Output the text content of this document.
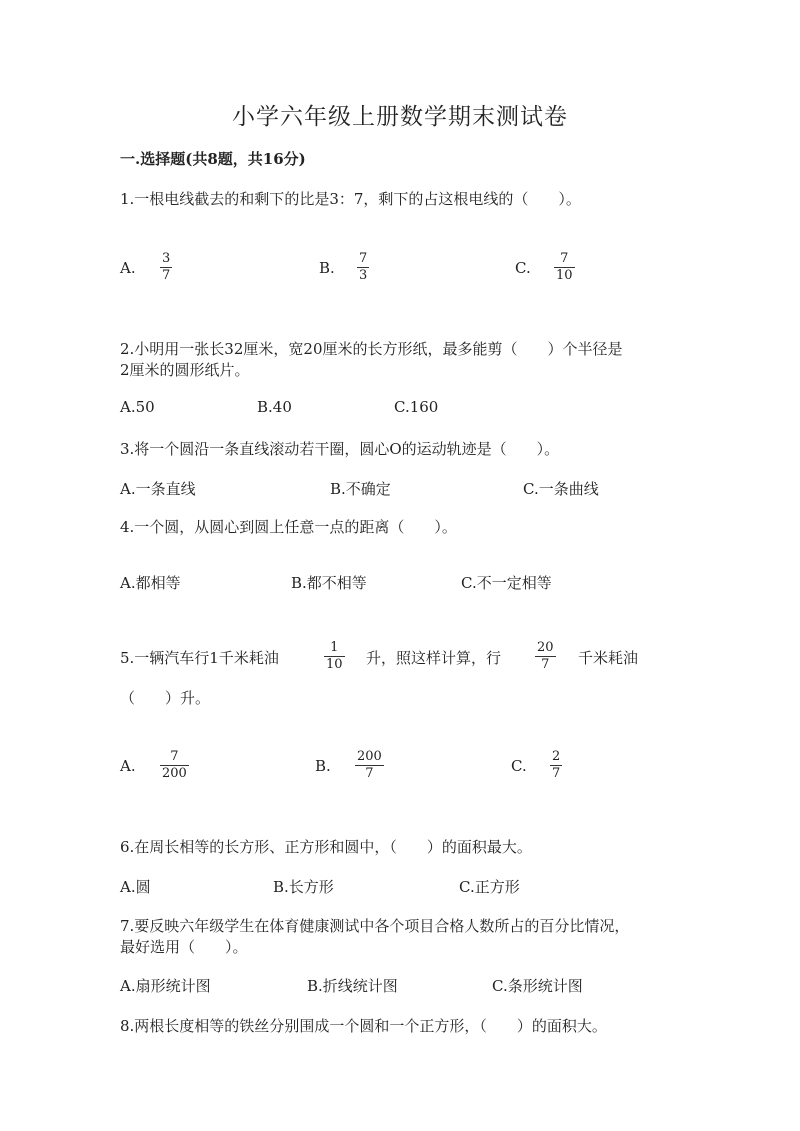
小学六年级上册数学期末测试卷
一.选择题(共8题，共16分)
1.一根电线截去的和剩下的比是3：7，剩下的占这根电线的（　　）。
A.
3
7	B.
7
3	C.
7
10
2.小明用一张长32厘米，宽20厘米的长方形纸，最多能剪（　　）个半径是
2厘米的圆形纸片。
A.50	B.40	C.160
3.将一个圆沿一条直线滚动若干圈，圆心O的运动轨迹是（　　）。
A.一条直线	B.不确定	C.一条曲线
4.一个圆，从圆心到圆上任意一点的距离（　　）。
A.都相等	B.都不相等	C.不一定相等
5.一辆汽车行1千米耗油
1
10 升，照这样计算，行
20
7 千米耗油
（　　）升。
A.
7
200	B.
200
7	C.
2
7
6.在周长相等的长方形、正方形和圆中，（　　）的面积最大。
A.圆	B.长方形	C.正方形
7.要反映六年级学生在体育健康测试中各个项目合格人数所占的百分比情况，
最好选用（　　）。
A.扇形统计图	B.折线统计图	C.条形统计图
8.两根长度相等的铁丝分别围成一个圆和一个正方形，（　　）的面积大。
